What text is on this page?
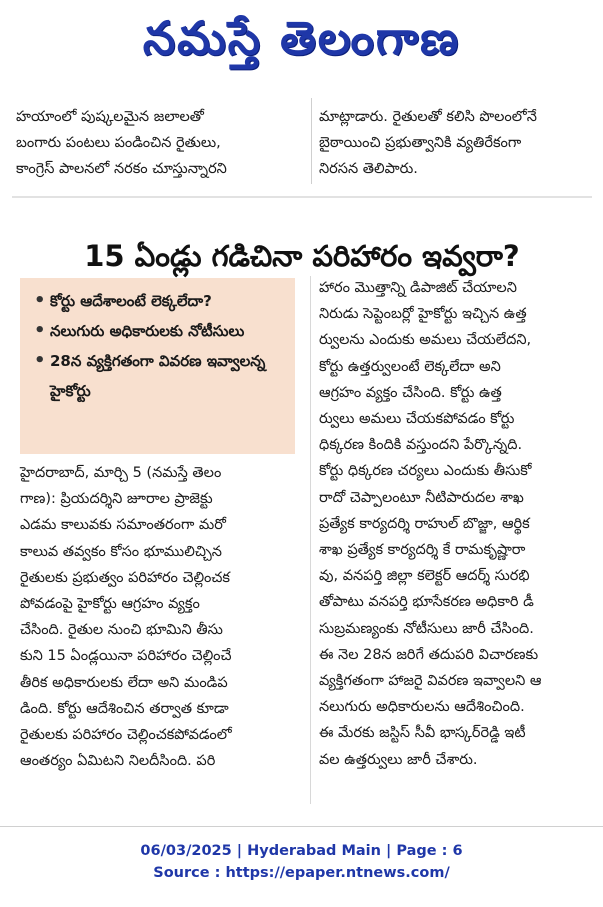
నమస్తే తెలంగాణ

హయాంలో పుష్కలమైన జలాలతో

బంగారు పంటలు పండించిన రైతులు,

కాంగ్రెస్ పాలనలో నరకం చూస్తున్నారని

మాట్లాడారు. రైతులతో కలిసి పొలంలోనే

బైఠాయించి ప్రభుత్వానికి వ్యతిరేకంగా

నిరసన తెలిపారు.

15 ఏండ్లు గడిచినా పరిహారం ఇవ్వరా?
• కోర్టు ఆదేశాలంటే లెక్కలేదా?
• నలుగురు అధికారులకు నోటీసులు
• 28న వ్యక్తిగతంగా వివరణ ఇవ్వాలన్న హైకోర్టు

హైదరాబాద్, మార్చి 5 (నమస్తే తెలం

గాణ): ప్రియదర్శిని జూరాల ప్రాజెక్టు

ఎడమ కాలువకు సమాంతరంగా మరో

కాలువ తవ్వకం కోసం భూములిచ్చిన

రైతులకు ప్రభుత్వం పరిహారం చెల్లించక

పోవడంపై హైకోర్టు ఆగ్రహం వ్యక్తం

చేసింది. రైతుల నుంచి భూమిని తీసు

కుని 15 ఏండ్లయినా పరిహారం చెల్లించే

తీరిక అధికారులకు లేదా అని మండిప

డింది. కోర్టు ఆదేశించిన తర్వాత కూడా

రైతులకు పరిహారం చెల్లించకపోవడంలో

ఆంతర్యం ఏమిటని నిలదీసింది. పరి

హారం మొత్తాన్ని డిపాజిట్ చేయాలని

నిరుడు సెప్టెంబర్లో హైకోర్టు ఇచ్చిన ఉత్త

ర్వులను ఎందుకు అమలు చేయలేదని,

కోర్టు ఉత్తర్వులంటే లెక్కలేదా అని

ఆగ్రహం వ్యక్తం చేసింది. కోర్టు ఉత్త

ర్వులు అమలు చేయకపోవడం కోర్టు

ధిక్కరణ కిందికి వస్తుందని పేర్కొన్నది.

కోర్టు ధిక్కరణ చర్యలు ఎందుకు తీసుకో

రాదో చెప్పాలంటూ నీటిపారుదల శాఖ

ప్రత్యేక కార్యదర్శి రాహుల్ బొజ్జా, ఆర్థిక

శాఖ ప్రత్యేక కార్యదర్శి కే రామకృష్ణారా

వు, వనపర్తి జిల్లా కలెక్టర్ ఆదర్శ్ సురభి

తోపాటు వనపర్తి భూసేకరణ అధికారి డీ

సుబ్రమణ్యంకు నోటీసులు జారీ చేసింది.

ఈ నెల 28న జరిగే తదుపరి విచారణకు

వ్యక్తిగతంగా హాజరై వివరణ ఇవ్వాలని ఆ

నలుగురు అధికారులను ఆదేశించింది.

ఈ మేరకు జస్టిస్ సీవీ భాస్కర్‌రెడ్డి ఇటీ

వల ఉత్తర్వులు జారీ చేశారు.

06/03/2025 | Hyderabad Main | Page : 6
Source : https://epaper.ntnews.com/
